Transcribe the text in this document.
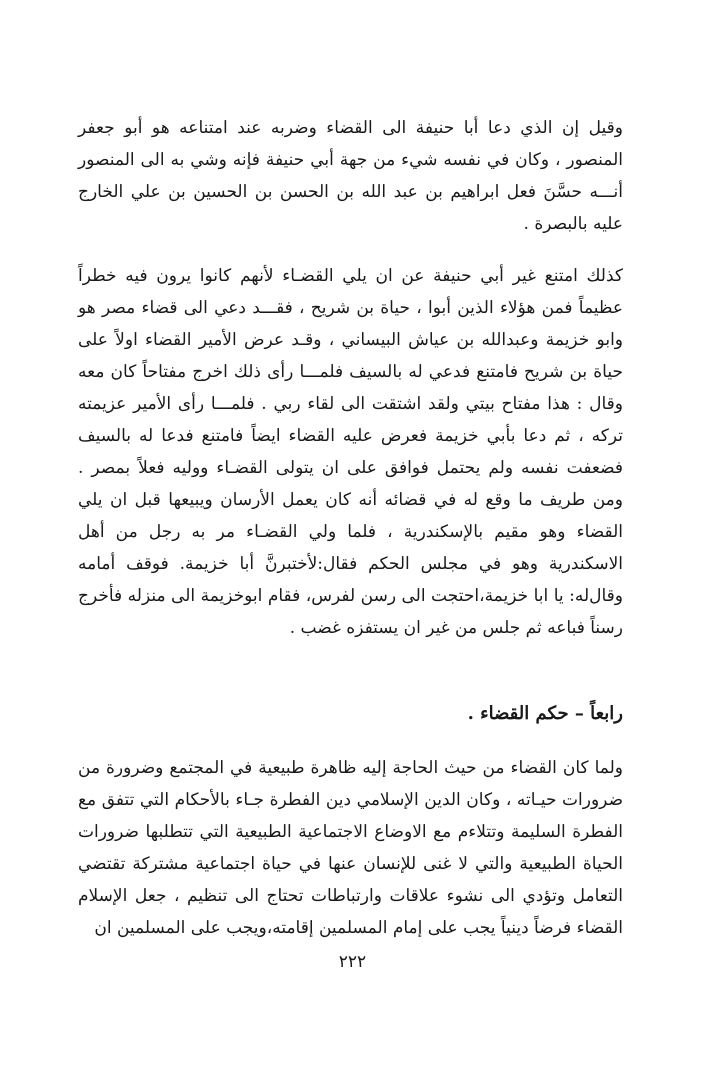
وقيل إن الذي دعا أبا حنيفة الى القضاء وضربه عند امتناعه هو أبو جعفر المنصور ، وكان في نفسه شيء من جهة أبي حنيفة فإنه وشي به الى المنصور أنـــه حسَّنَ فعل ابراهيم بن عبد الله بن الحسن بن الحسين بن علي الخارج عليه بالبصرة .

كذلك امتنع غير أبي حنيفة عن ان يلي القضـاء لأنهم كانوا يرون فيه خطراً عظيماً فمن هؤلاء الذين أبوا ، حياة بن شريح ، فقـــد دعي الى قضاء مصر هو وابو خزيمة وعبدالله بن عياش البيساني ، وقـد عرض الأمير القضاء اولاً على حياة بن شريح فامتنع فدعي له بالسيف فلمـــا رأى ذلك اخرج مفتاحاً كان معه وقال : هذا مفتاح بيتي ولقد اشتقت الى لقاء ربي . فلمـــا رأى الأمير عزيمته تركه ، ثم دعا بأبي خزيمة فعرض عليه القضاء ايضاً فامتنع فدعا له بالسيف فضعفت نفسه ولم يحتمل فوافق على ان يتولى القضـاء ووليه فعلاً بمصر . ومن طريف ما وقع له في قضائه أنه كان يعمل الأرسان ويبيعها قبل ان يلي القضاء وهو مقيم بالإسكندرية ، فلما ولي القضـاء مر به رجل من أهل الاسكندرية وهو في مجلس الحكم فقال:لأختبرنَّ أبا خزيمة. فوقف أمامه وقال‌له: يا ابا خزيمة،احتجت الى رسن لفرس، فقام ابوخزيمة الى منزله فأخرج رسناً فباعه ثم جلس من غير ان يستفزه غضب .

رابعاً – حكم القضاء .

ولما كان القضاء من حيث الحاجة إليه ظاهرة طبيعية في المجتمع وضرورة من ضرورات حيـاته ، وكان الدين الإسلامي دين الفطرة جـاء بالأحكام التي تتفق مع الفطرة السليمة وتتلاءم مع الاوضاع الاجتماعية الطبيعية التي تتطلبها ضرورات الحياة الطبيعية والتي لا غنى للإنسان عنها في حياة اجتماعية مشتركة تقتضي التعامل وتؤدي الى نشوء علاقات وارتباطات تحتاج الى تنظيم ، جعل الإسلام القضاء فرضاً دينياً يجب على إمام المسلمين إقامته،ويجب على المسلمين ان

٢٢٢
